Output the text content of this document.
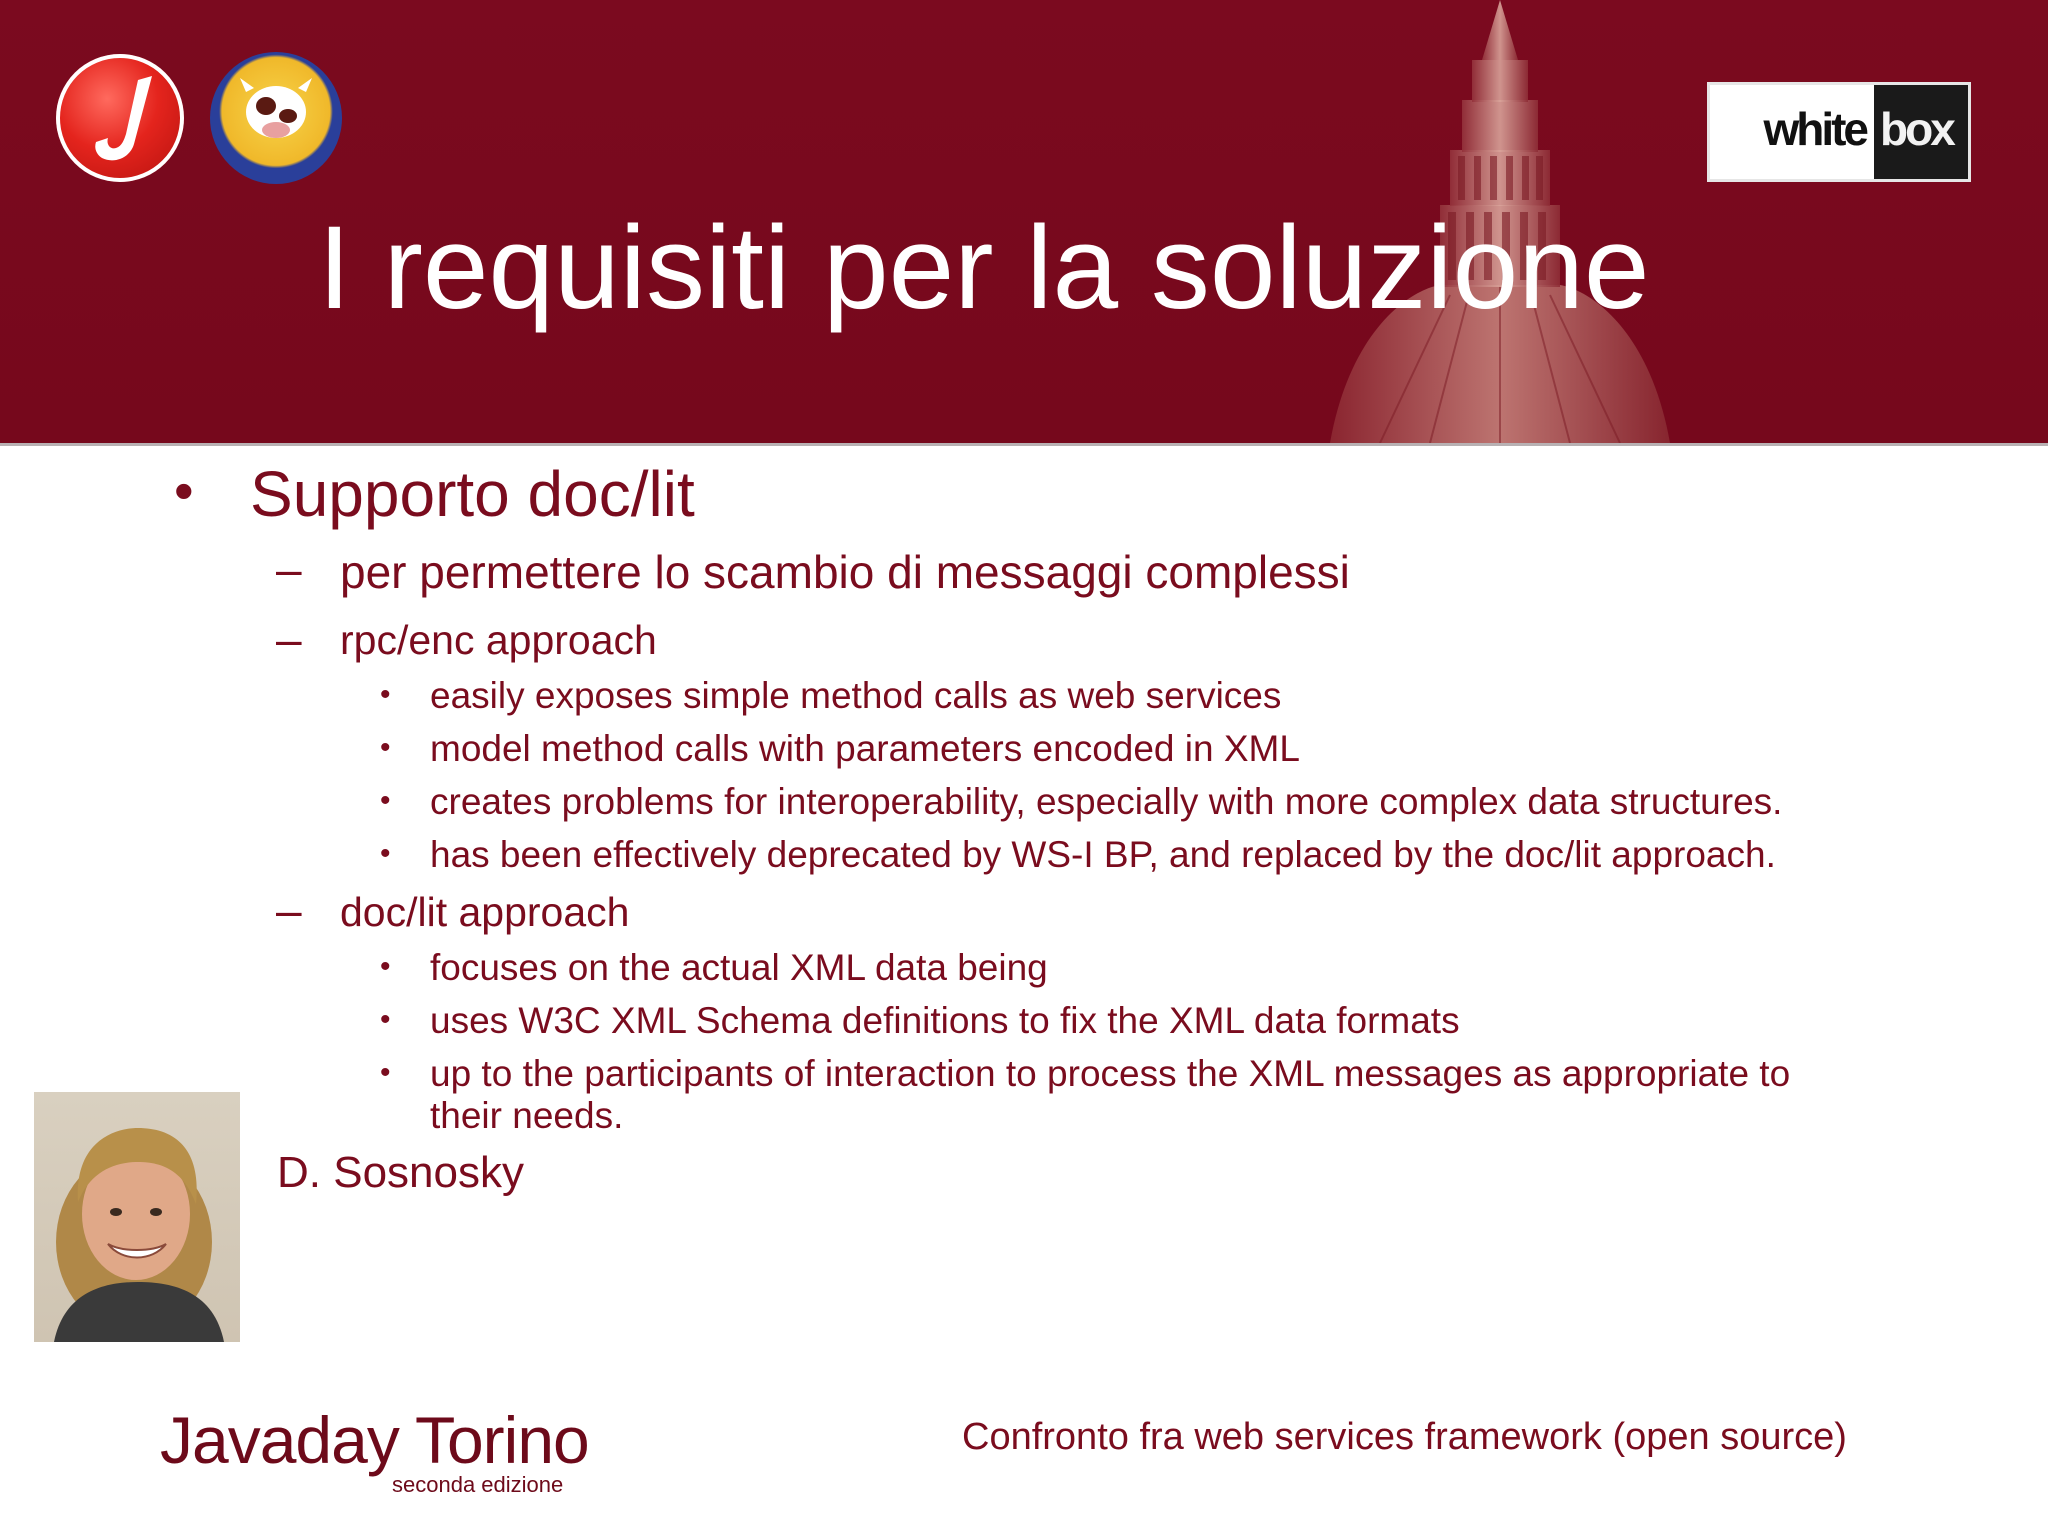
white box
I requisiti per la soluzione
• Supporto doc/lit
– per permettere lo scambio di messaggi complessi
– rpc/enc approach
• easily exposes simple method calls as web services
• model method calls with parameters encoded in XML
• creates problems for interoperability, especially with more complex data structures.
• has been effectively deprecated by WS-I BP, and replaced by the doc/lit approach.
– doc/lit approach
• focuses on the actual XML data being
• uses W3C XML Schema definitions to fix the XML data formats
• up to the participants of interaction to process the XML messages as appropriate to
their needs.
D. Sosnosky
Javaday Torino
seconda edizione
Confronto fra web services framework (open source)
